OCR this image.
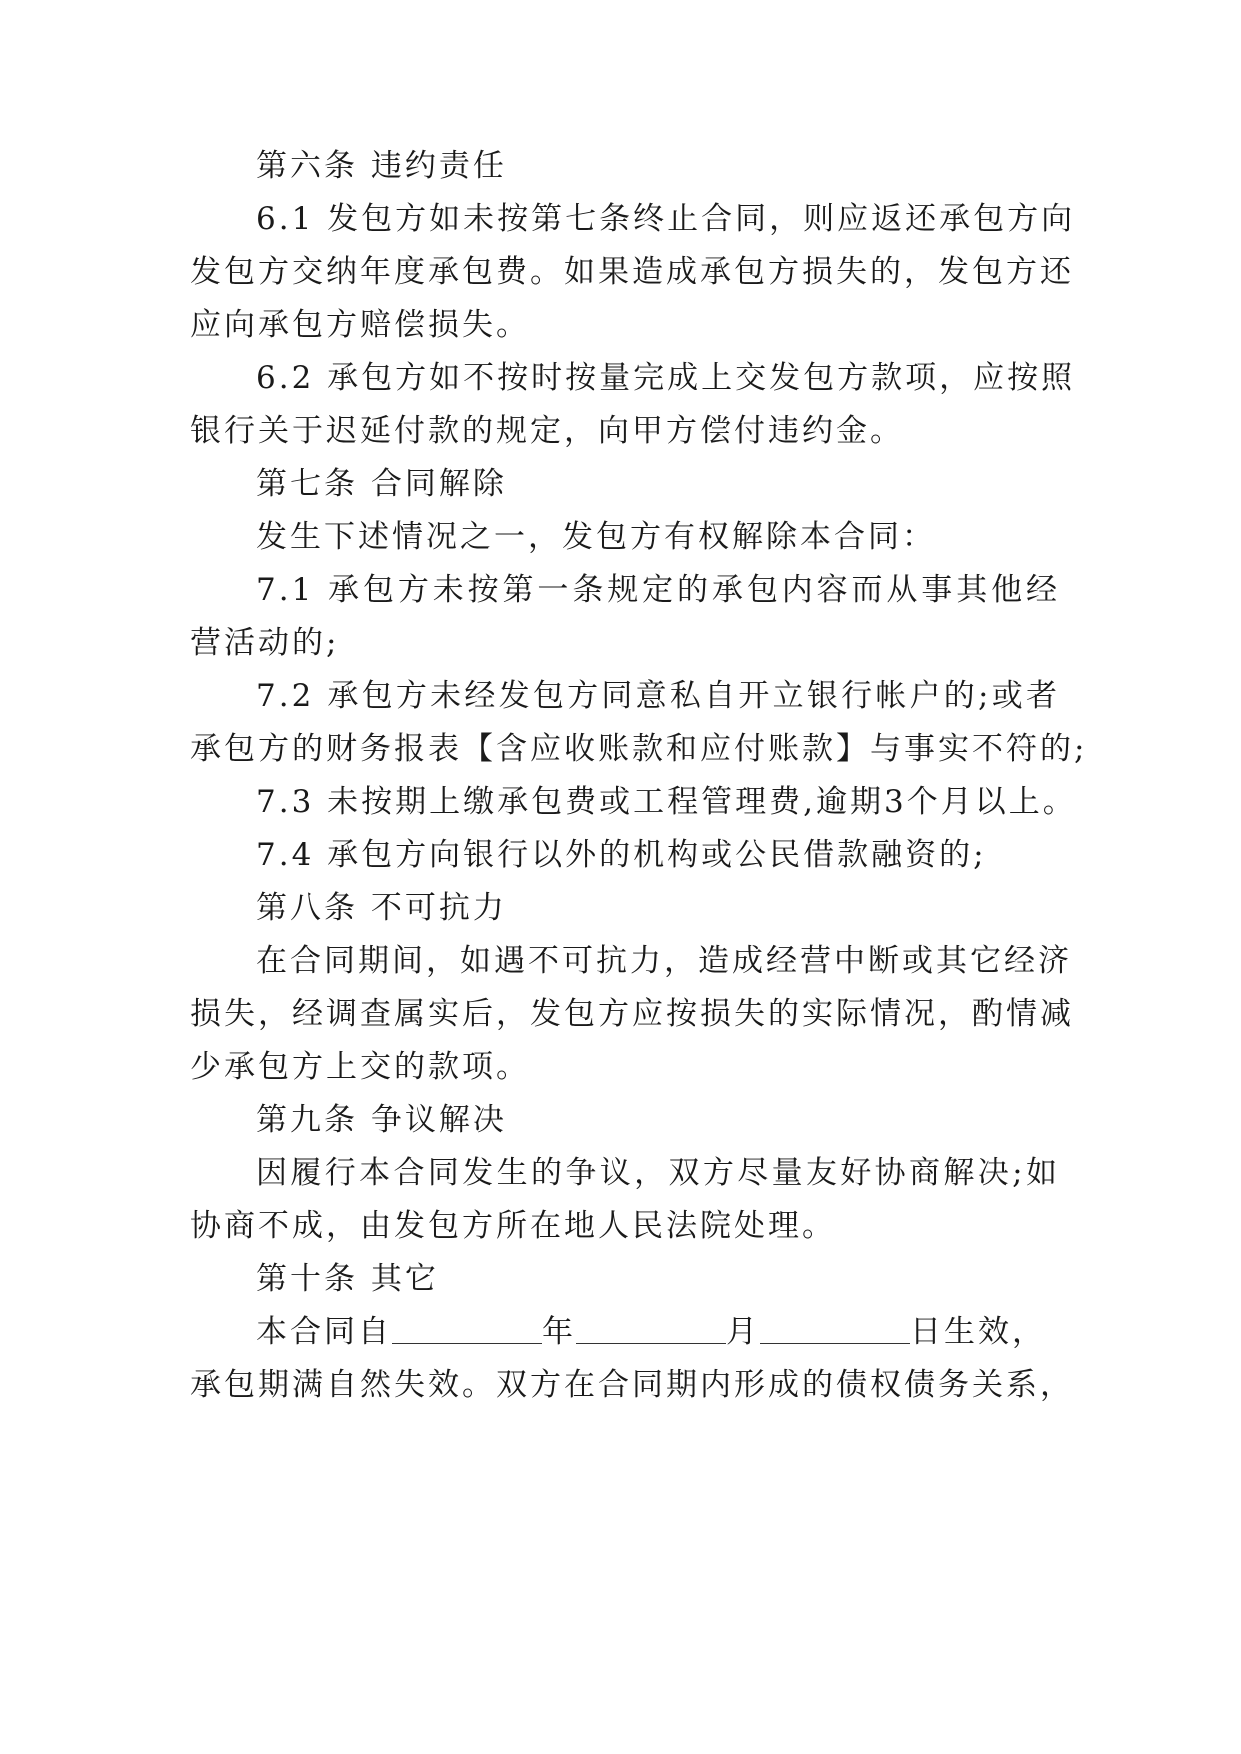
第六条 违约责任
6.1 发包方如未按第七条终止合同，则应返还承包方向
发包方交纳年度承包费。如果造成承包方损失的，发包方还
应向承包方赔偿损失。
6.2 承包方如不按时按量完成上交发包方款项，应按照
银行关于迟延付款的规定，向甲方偿付违约金。
第七条 合同解除
发生下述情况之一，发包方有权解除本合同：
7.1 承包方未按第一条规定的承包内容而从事其他经
营活动的;
7.2 承包方未经发包方同意私自开立银行帐户的;或者
承包方的财务报表【含应收账款和应付账款】与事实不符的;
7.3 未按期上缴承包费或工程管理费,逾期3个月以上。
7.4 承包方向银行以外的机构或公民借款融资的;
第八条 不可抗力
在合同期间，如遇不可抗力，造成经营中断或其它经济
损失，经调查属实后，发包方应按损失的实际情况，酌情减
少承包方上交的款项。
第九条 争议解决
因履行本合同发生的争议，双方尽量友好协商解决;如
协商不成，由发包方所在地人民法院处理。
第十条 其它
本合同自	年	月	日生效，
承包期满自然失效。双方在合同期内形成的债权债务关系，
